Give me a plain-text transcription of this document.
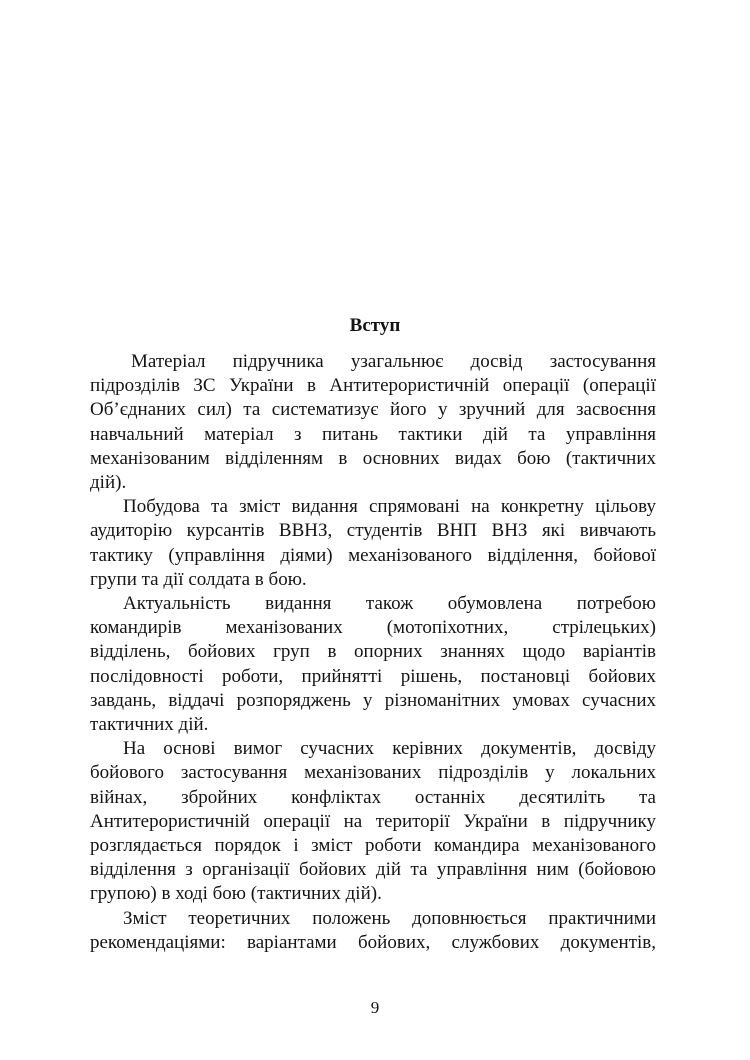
Вступ
Матеріал підручника узагальнює досвід застосування
підрозділів ЗС України в Антитерористичній операції (операції
Об’єднаних сил) та систематизує його у зручний для засвоєння
навчальний матеріал з питань тактики дій та управління
механізованим відділенням в основних видах бою (тактичних
дій).
Побудова та зміст видання спрямовані на конкретну цільову
аудиторію курсантів ВВНЗ, студентів ВНП ВНЗ які вивчають
тактику (управління діями) механізованого відділення, бойової
групи та дії солдата в бою.
Актуальність видання також обумовлена потребою
командирів механізованих (мотопіхотних, стрілецьких)
відділень, бойових груп в опорних знаннях щодо варіантів
послідовності роботи, прийнятті рішень, постановці бойових
завдань, віддачі розпоряджень у різноманітних умовах сучасних
тактичних дій.
На основі вимог сучасних керівних документів, досвіду
бойового застосування механізованих підрозділів у локальних
війнах, збройних конфліктах останніх десятиліть та
Антитерористичній операції на території України в підручнику
розглядається порядок і зміст роботи командира механізованого
відділення з організації бойових дій та управління ним (бойовою
групою) в ході бою (тактичних дій).
Зміст теоретичних положень доповнюється практичними
рекомендаціями: варіантами бойових, службових документів,
9
